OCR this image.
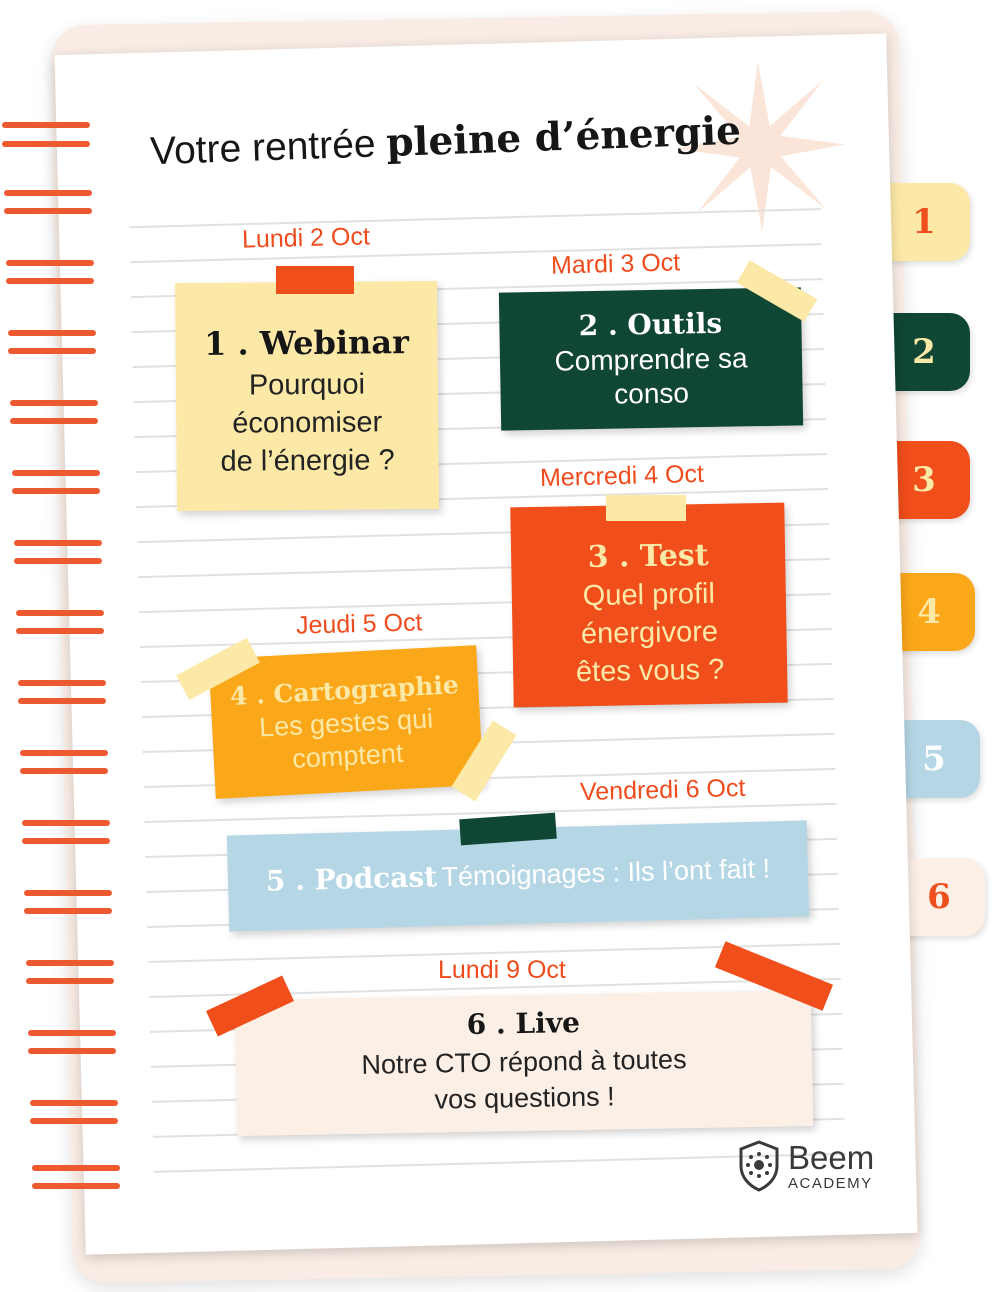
1
2
3
4
5
6
Votre rentrée pleine d’énergie
Lundi 2 Oct
1 . Webinar
Pourquoi
économiser
de l’énergie ?
Mardi 3 Oct
2 . Outils
Comprendre sa
conso
Mercredi 4 Oct
3 . Test
Quel profil
énergivore
êtes vous ?
Jeudi 5 Oct
4 . Cartographie
Les gestes qui
comptent
Vendredi 6 Oct
5 . Podcast Témoignages : Ils l’ont fait !
Lundi 9 Oct
6 . Live
Notre CTO répond à toutes
vos questions !
Beem
ACADEMY
